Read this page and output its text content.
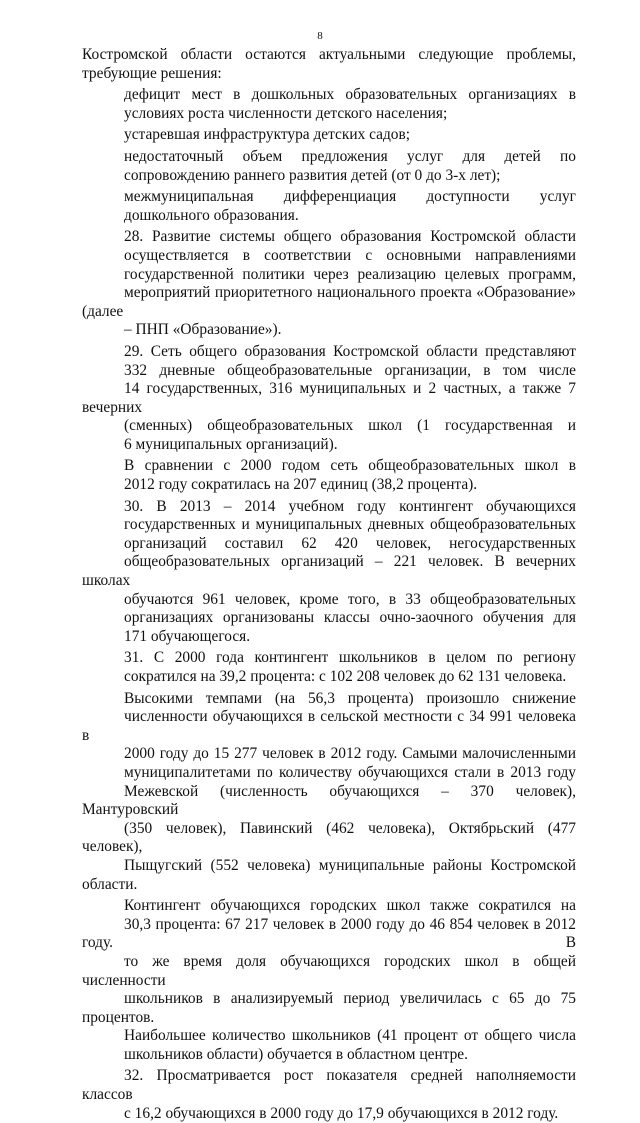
8
Костромской области остаются актуальными следующие проблемы,
требующие решения:
дефицит мест в дошкольных образовательных организациях в
условиях роста численности детского населения;
устаревшая инфраструктура детских садов;
недостаточный объем предложения услуг для детей по
сопровождению раннего развития детей (от 0 до 3-х лет);
межмуниципальная дифференциация доступности услуг
дошкольного образования.
28. Развитие системы общего образования Костромской области
осуществляется в соответствии с основными направлениями
государственной политики через реализацию целевых программ,
мероприятий приоритетного национального проекта «Образование» (далее
– ПНП «Образование»).
29. Сеть общего образования Костромской области представляют
332 дневные общеобразовательные организации, в том числе
14 государственных, 316 муниципальных и 2 частных, а также 7 вечерних
(сменных) общеобразовательных школ (1 государственная и
6 муниципальных организаций).
В сравнении с 2000 годом сеть общеобразовательных школ в
2012 году сократилась на 207 единиц (38,2 процента).
30. В 2013 – 2014 учебном году контингент обучающихся
государственных и муниципальных дневных общеобразовательных
организаций составил 62 420 человек, негосударственных
общеобразовательных организаций – 221 человек. В вечерних школах
обучаются 961 человек, кроме того, в 33 общеобразовательных
организациях организованы классы очно-заочного обучения для
171 обучающегося.
31. С 2000 года контингент школьников в целом по региону
сократился на 39,2 процента: с 102 208 человек до 62 131 человека.
Высокими темпами (на 56,3 процента) произошло снижение
численности обучающихся в сельской местности с 34 991 человека в
2000 году до 15 277 человек в 2012 году. Самыми малочисленными
муниципалитетами по количеству обучающихся стали в 2013 году
Межевской (численность обучающихся – 370 человек), Мантуровский
(350 человек), Павинский (462 человека), Октябрьский (477 человек),
Пыщугский (552 человека) муниципальные районы Костромской области.
Контингент обучающихся городских школ также сократился на
30,3 процента: 67 217 человек в 2000 году до 46 854 человек в 2012 году. В
то же время доля обучающихся городских школ в общей численности
школьников в анализируемый период увеличилась с 65 до 75 процентов.
Наибольшее количество школьников (41 процент от общего числа
школьников области) обучается в областном центре.
32. Просматривается рост показателя средней наполняемости классов
с 16,2 обучающихся в 2000 году до 17,9 обучающихся в 2012 году.
